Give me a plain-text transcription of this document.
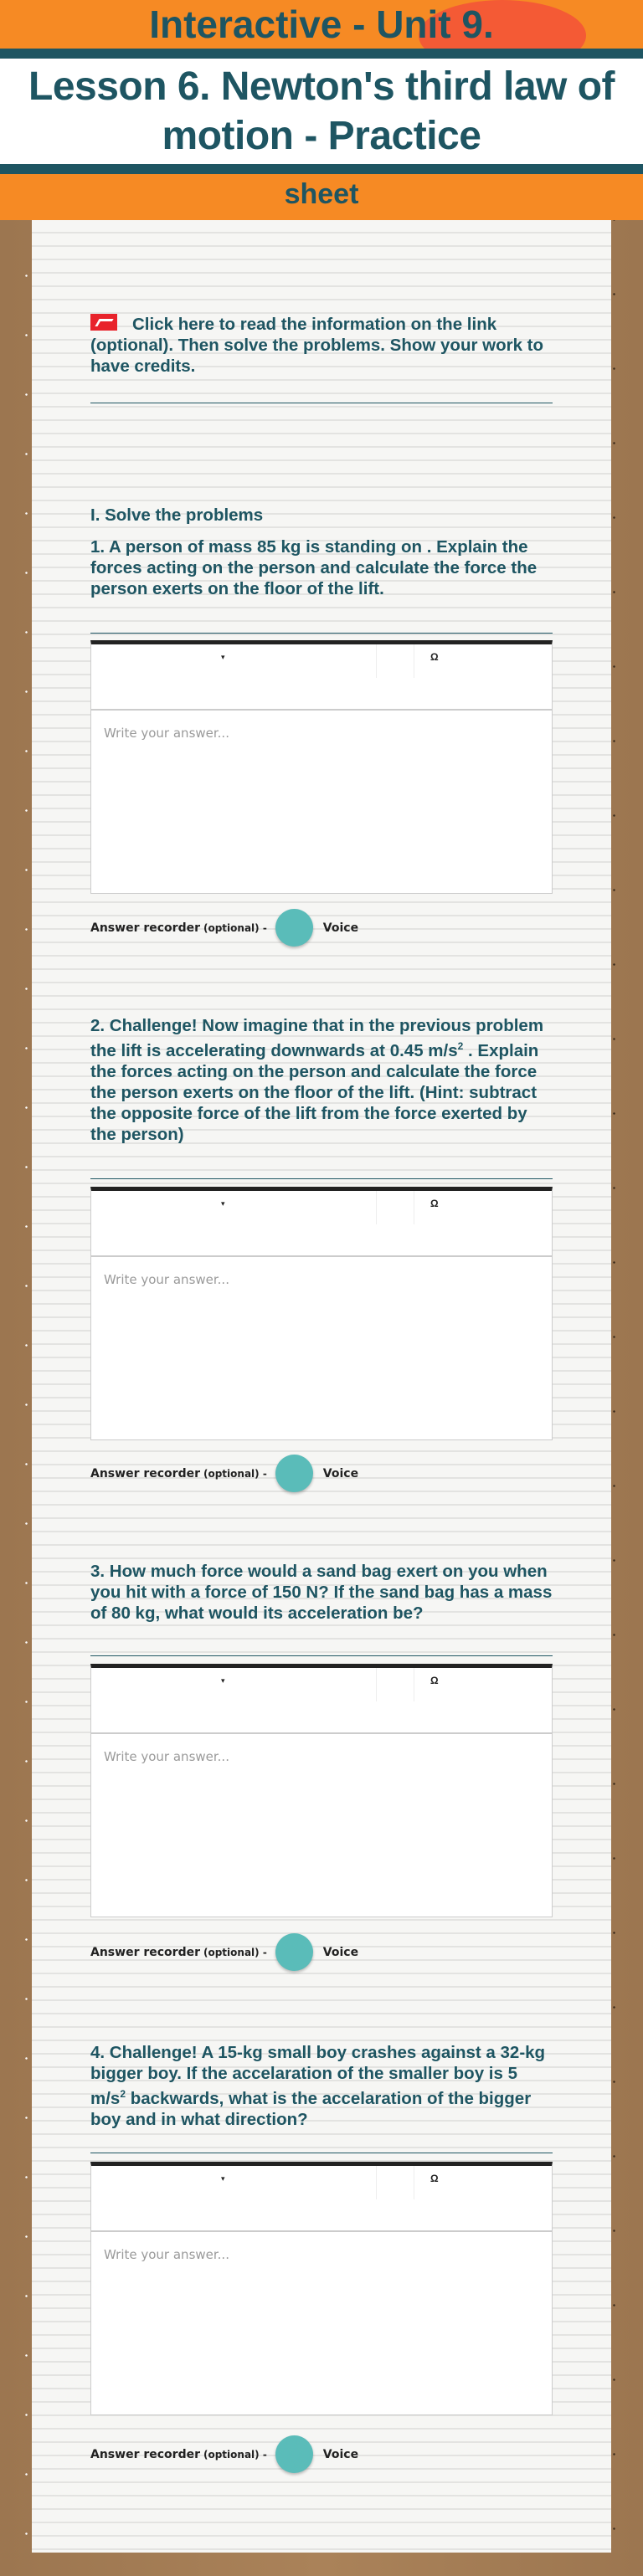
Interactive - Unit 9.
Lesson 6. Newton's third law of motion - Practice
sheet
Click here to read the information on the link (optional). Then solve the problems. Show your work to have credits.
I. Solve the problems
1. A person of mass 85 kg is standing on . Explain the forces acting on the person and calculate the force the person exerts on the floor of the lift.
▾	Ω
Write your answer...
Answer recorder (optional) -	Voice
2. Challenge! Now imagine that in the previous problem the lift is accelerating downwards at 0.45 $m/s^2$ . Explain the forces acting on the person and calculate the force the person exerts on the floor of the lift. (Hint: subtract the opposite force of the lift from the force exerted by the person)
▾	Ω
Write your answer...
Answer recorder (optional) -	Voice
3. How much force would a sand bag exert on you when you hit with a force of 150 N? If the sand bag has a mass of 80 kg, what would its acceleration be?
▾	Ω
Write your answer...
Answer recorder (optional) -	Voice
4. Challenge! A 15-kg small boy crashes against a 32-kg bigger boy. If the accelaration of the smaller boy is 5 $m/s^2$ backwards, what is the accelaration of the bigger boy and in what direction?
▾	Ω
Write your answer...
Answer recorder (optional) -	Voice
